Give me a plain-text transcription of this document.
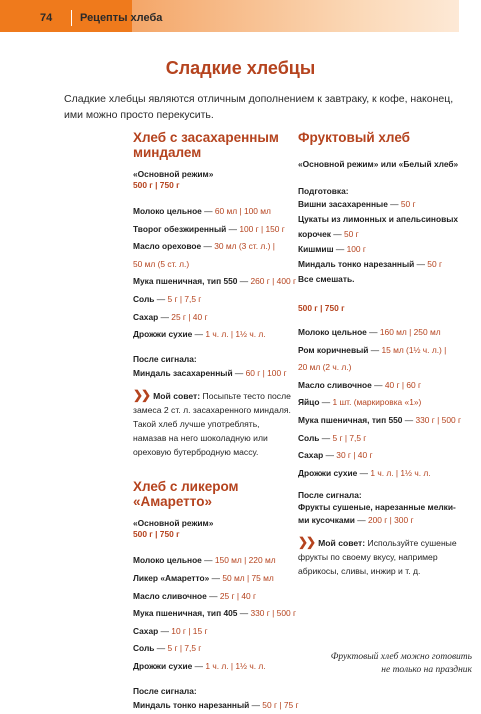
74	Рецепты хлеба
Сладкие хлебцы

Сладкие хлебцы являются отличным дополнением к завтраку, к кофе, наконец, ими можно просто перекусить.

Хлеб с засахаренным миндалем
«Основной режим»
500 г | 750 г
Молоко цельное — 60 мл | 100 мл
Творог обезжиренный — 100 г | 150 г
Масло ореховое — 30 мл (3 ст. л.) |
50 мл (5 ст. л.)
Мука пшеничная, тип 550 — 260 г | 400 г
Соль — 5 г | 7,5 г
Сахар — 25 г | 40 г
Дрожжи сухие — 1 ч. л. | 1½ ч. л.
После сигнала:
Миндаль засахаренный — 60 г | 100 г

❯❯ Мой совет: Посыпьте тесто после замеса 2 ст. л. засахаренного миндаля. Такой хлеб лучше употреблять, намазав на него шоколадную или ореховую бутербродную массу.

Хлеб с ликером «Амаретто»
«Основной режим»
500 г | 750 г
Молоко цельное — 150 мл | 220 мл
Ликер «Амаретто» — 50 мл | 75 мл
Масло сливочное — 25 г | 40 г
Мука пшеничная, тип 405 — 330 г | 500 г
Сахар — 10 г | 15 г
Соль — 5 г | 7,5 г
Дрожжи сухие — 1 ч. л. | 1½ ч. л.
После сигнала:
Миндаль тонко нарезанный — 50 г | 75 г
Фруктовый хлеб
«Основной режим» или «Белый хлеб»
Подготовка:
Вишни засахаренные — 50 г
Цукаты из лимонных и апельсиновых
корочек — 50 г
Кишмиш — 100 г
Миндаль тонко нарезанный — 50 г
Все смешать.
500 г | 750 г
Молоко цельное — 160 мл | 250 мл
Ром коричневый — 15 мл (1½ ч. л.) |
20 мл (2 ч. л.)
Масло сливочное — 40 г | 60 г
Яйцо — 1 шт. (маркировка «1»)
Мука пшеничная, тип 550 — 330 г | 500 г
Соль — 5 г | 7,5 г
Сахар — 30 г | 40 г
Дрожжи сухие — 1 ч. л. | 1½ ч. л.
После сигнала:
Фрукты сушеные, нарезанные мелки-
ми кусочками — 200 г | 300 г

❯❯ Мой совет: Используйте сушеные фрукты по своему вкусу, например абрикосы, сливы, инжир и т. д.

Фруктовый хлеб можно готовить не только на праздник
